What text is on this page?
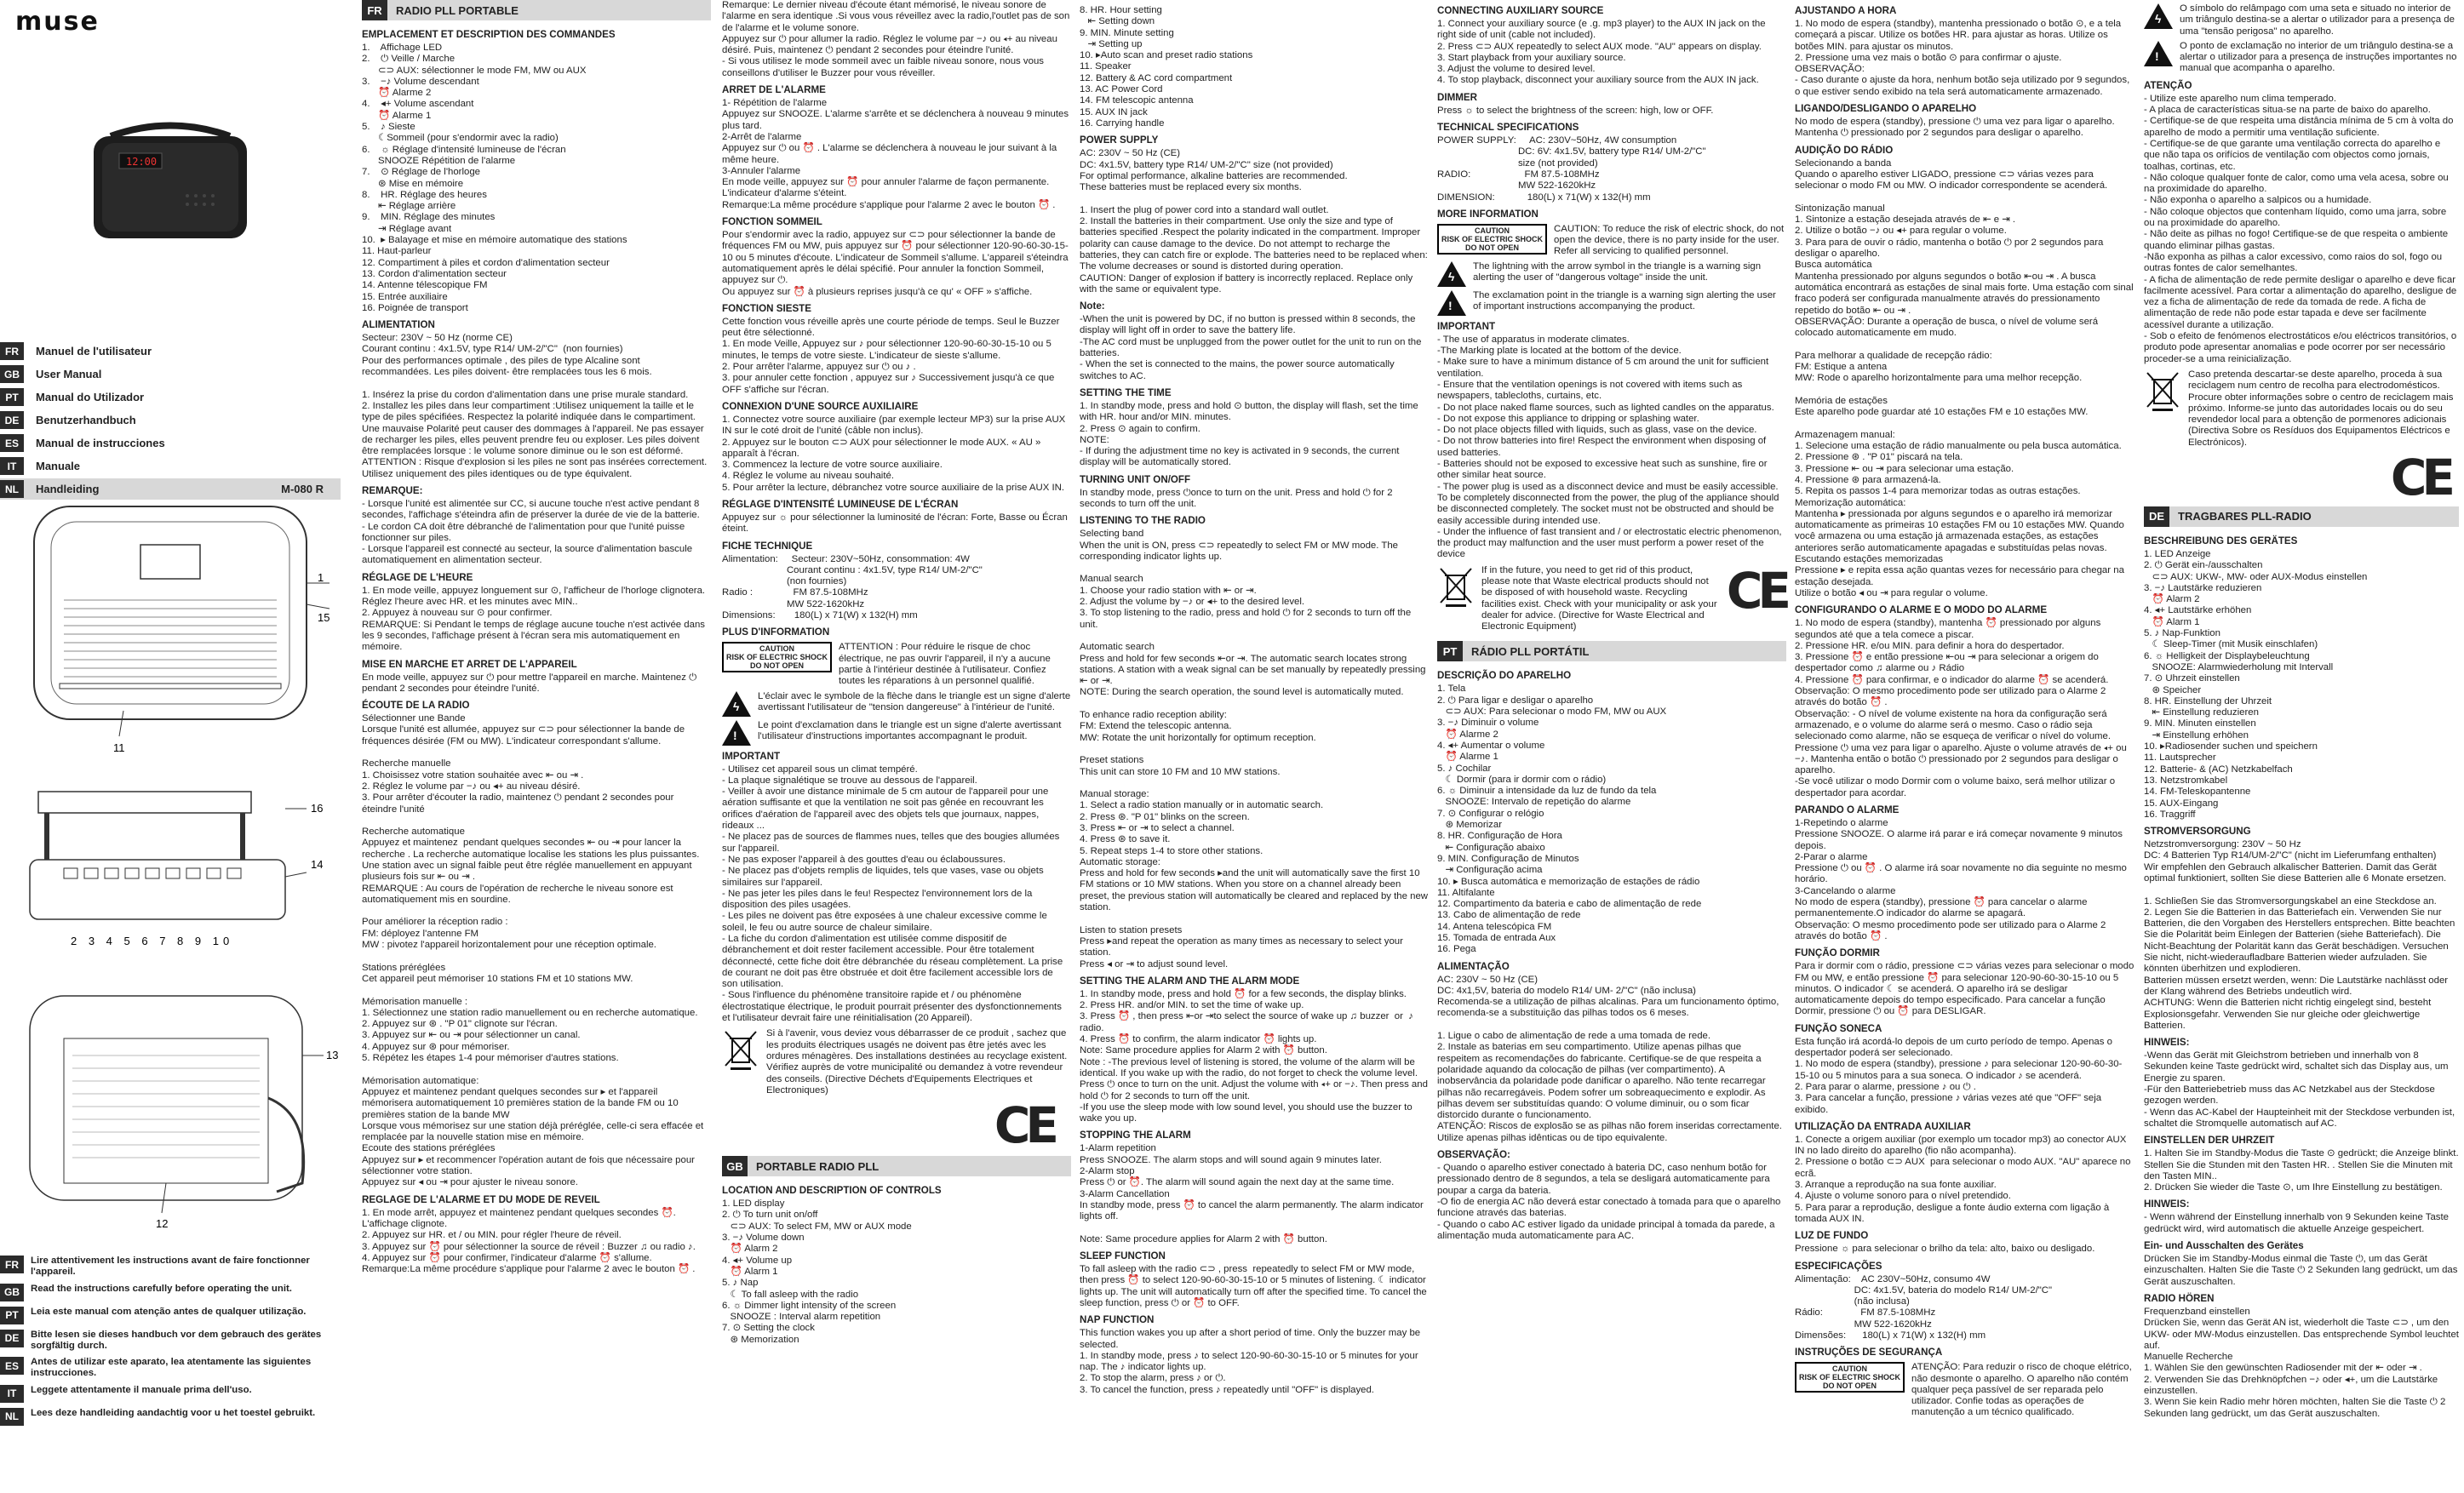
muse
12:00
FR	Manuel de l'utilisateur
GB	User Manual
PT	Manual do Utilizador
DE	Benutzerhandbuch
ES	Manual de instrucciones
IT	Manuale
NL	Handleiding	M-080 R
1
15
11
16
14
2 3 4 5 6 7 8 9 10
13
12
FR	Lire attentivement les instructions avant de faire fonctionner l'appareil.
GB	Read the instructions carefully before operating the unit.
PT	Leia este manual com atenção antes de qualquer utilização.
DE	Bitte lesen sie dieses handbuch vor dem gebrauch des gerätes sorgfältig durch.
ES	Antes de utilizar este aparato, lea atentamente las siguientes instrucciones.
IT	Leggete attentamente il manuale prima dell'uso.
NL	Lees deze handleiding aandachtig voor u het toestel gebruikt.
FR	RADIO PLL PORTABLE
EMPLACEMENT ET DESCRIPTION DES COMMANDES
1.    Affichage LED
2.    ⏻ Veille / Marche
⊂⊃ AUX: sélectionner le mode FM, MW ou AUX
3.    −♪ Volume descendant
⏰ Alarme 2
4.    ◂+ Volume ascendant
⏰ Alarme 1
5.    ♪ Sieste
☾Sommeil (pour s'endormir avec la radio)
6.    ☼ Réglage d'intensité lumineuse de l'écran
SNOOZE Répétition de l'alarme
7.    ⊙ Réglage de l'horloge
⊛ Mise en mémoire
8.    HR. Réglage des heures
⇤ Réglage arrière
9.    MIN. Réglage des minutes
⇥ Réglage avant
10.  ▸ Balayage et mise en mémoire automatique des stations
11. Haut-parleur
12. Compartiment à piles et cordon d'alimentation secteur
13. Cordon d'alimentation secteur
14. Antenne télescopique FM
15. Entrée auxiliaire
16. Poignée de transport
ALIMENTATION
Secteur: 230V ~ 50 Hz (norme CE)
Courant continu : 4x1.5V, type R14/ UM-2/"C"  (non fournies)
Pour des performances optimale , des piles de type Alcaline sont recommandées. Les piles doivent- être remplacées tous les 6 mois.

1. Insérez la prise du cordon d'alimentation dans une prise murale standard.
2. Installez les piles dans leur compartiment :Utilisez uniquement la taille et le type de piles spécifiées. Respectez la polarité indiquée dans le compartiment. Une mauvaise Polarité peut causer des dommages à l'appareil. Ne pas essayer de recharger les piles, elles peuvent prendre feu ou exploser. Les piles doivent être remplacées lorsque : le volume sonore diminue ou le son est déformé.
ATTENTION : Risque d'explosion si les piles ne sont pas insérées correctement. Utilisez uniquement des piles identiques ou de type équivalent.
REMARQUE:
- Lorsque l'unité est alimentée sur CC, si aucune touche n'est active pendant 8 secondes, l'affichage s'éteindra afin de préserver la durée de vie de la batterie.
- Le cordon CA doit être débranché de l'alimentation pour que l'unité puisse fonctionner sur piles.
- Lorsque l'appareil est connecté au secteur, la source d'alimentation bascule automatiquement en alimentation secteur.
RÉGLAGE DE L'HEURE
1. En mode veille, appuyez longuement sur ⊙, l'afficheur de l'horloge clignotera. Réglez l'heure avec HR. et les minutes avec MIN..
2. Appuyez à nouveau sur ⊙ pour confirmer.
REMARQUE: Si Pendant le temps de réglage aucune touche n'est activée dans les 9 secondes, l'affichage présent à l'écran sera mis automatiquement en mémoire.
MISE EN MARCHE ET ARRET DE L'APPAREIL
En mode veille, appuyez sur ⏻ pour mettre l'appareil en marche. Maintenez ⏻ pendant 2 secondes pour éteindre l'unité.
ÉCOUTE DE LA RADIO
Sélectionner une Bande
Lorsque l'unité est allumée, appuyez sur ⊂⊃ pour sélectionner la bande de fréquences désirée (FM ou MW). L'indicateur correspondant s'allume.

Recherche manuelle
1. Choisissez votre station souhaitée avec ⇤ ou ⇥ .
2. Réglez le volume par −♪ ou ◂+ au niveau désiré.
3. Pour arrêter d'écouter la radio, maintenez ⏻ pendant 2 secondes pour éteindre l'unité

Recherche automatique
Appuyez et maintenez  pendant quelques secondes ⇤ ou ⇥ pour lancer la recherche . La recherche automatique localise les stations les plus puissantes. Une station avec un signal faible peut être réglée manuellement en appuyant plusieurs fois sur ⇤ ou ⇥ .
REMARQUE : Au cours de l'opération de recherche le niveau sonore est automatiquement mis en sourdine.

Pour améliorer la réception radio :
FM: déployez l'antenne FM
MW : pivotez l'appareil horizontalement pour une réception optimale.

Stations préréglées
Cet appareil peut mémoriser 10 stations FM et 10 stations MW.

Mémorisation manuelle :
1. Sélectionnez une station radio manuellement ou en recherche automatique.
2. Appuyez sur ⊛ . "P 01" clignote sur l'écran.
3. Appuyez sur ⇤ ou ⇥ pour sélectionner un canal.
4. Appuyez sur ⊛ pour mémoriser.
5. Répétez les étapes 1-4 pour mémoriser d'autres stations.

Mémorisation automatique:
Appuyez et maintenez pendant quelques secondes sur ▸ et l'appareil mémorisera automatiquement 10 premières station de la bande FM ou 10 premières station de la bande MW
Lorsque vous mémorisez sur une station déjà préréglée, celle-ci sera effacée et remplacée par la nouvelle station mise en mémoire.
Ecoute des stations préréglées
Appuyez sur ▸ et recommencer l'opération autant de fois que nécessaire pour sélectionner votre station.
Appuyez sur ◂ ou ⇥ pour ajuster le niveau sonore.
REGLAGE DE L'ALARME ET DU MODE DE REVEIL
1. En mode arrêt, appuyez et maintenez pendant quelques secondes ⏰. L'affichage clignote.
2. Appuyez sur HR. et / ou MIN. pour régler l'heure de réveil.
3. Appuyez sur ⏰ pour sélectionner la source de réveil : Buzzer ♫ ou radio ♪.
4. Appuyez sur ⏰ pour confirmer, l'indicateur d'alarme ⏰ s'allume.
Remarque:La même procédure s'applique pour l'alarme 2 avec le bouton ⏰ .
Remarque: Le dernier niveau d'écoute étant mémorisé, le niveau sonore de l'alarme en sera identique .Si vous vous réveillez avec la radio,l'outlet pas de son de l'alarme et le volume sonore.
Appuyez sur ⏻ pour allumer la radio. Réglez le volume par −♪ ou ◂+ au niveau désiré. Puis, maintenez ⏻ pendant 2 secondes pour éteindre l'unité.
- Si vous utilisez le mode sommeil avec un faible niveau sonore, nous vous conseillons d'utiliser le Buzzer pour vous réveiller.
ARRET DE L'ALARME
1- Répétition de l'alarme
Appuyez sur SNOOZE. L'alarme s'arrête et se déclenchera à nouveau 9 minutes plus tard.
2-Arrêt de l'alarme
Appuyez sur ⏻ ou ⏰ . L'alarme se déclenchera à nouveau le jour suivant à la même heure.
3-Annuler l'alarme
En mode veille, appuyez sur ⏰ pour annuler l'alarme de façon permanente. L'indicateur d'alarme s'éteint.
Remarque:La même procédure s'applique pour l'alarme 2 avec le bouton ⏰ .
FONCTION SOMMEIL
Pour s'endormir avec la radio, appuyez sur ⊂⊃ pour sélectionner la bande de fréquences FM ou MW, puis appuyez sur ⏰ pour sélectionner 120-90-60-30-15-10 ou 5 minutes d'écoute. L'indicateur de Sommeil s'allume. L'appareil s'éteindra automatiquement après le délai spécifié. Pour annuler la fonction Sommeil, appuyez sur ⏻.
Ou appuyez sur ⏰ à plusieurs reprises jusqu'à ce qu' « OFF » s'affiche.
FONCTION SIESTE
Cette fonction vous réveille après une courte période de temps. Seul le Buzzer peut être sélectionné.
1. En mode Veille, Appuyez sur ♪ pour sélectionner 120-90-60-30-15-10 ou 5 minutes, le temps de votre sieste. L'indicateur de sieste s'allume.
2. Pour arrêter l'alarme, appuyez sur ⏻ ou ♪ .
3. pour annuler cette fonction , appuyez sur ♪ Successivement jusqu'à ce que OFF s'affiche sur l'écran.
CONNEXION D'UNE SOURCE AUXILIAIRE
1. Connectez votre source auxiliaire (par exemple lecteur MP3) sur la prise AUX IN sur le coté droit de l'unité (câble non inclus).
2. Appuyez sur le bouton ⊂⊃ AUX pour sélectionner le mode AUX. « AU » apparaît à l'écran.
3. Commencez la lecture de votre source auxiliaire.
4. Réglez le volume au niveau souhaité.
5. Pour arrêter la lecture, débranchez votre source auxiliaire de la prise AUX IN.
RÉGLAGE D'INTENSITÉ LUMINEUSE DE L'ÉCRAN
Appuyez sur ☼ pour sélectionner la luminosité de l'écran: Forte, Basse ou Écran éteint.
FICHE TECHNIQUE
Alimentation:     Secteur: 230V~50Hz, consommation: 4W
Courant continu : 4x1.5V, type R14/ UM-2/"C"
(non fournies)
Radio :               FM 87.5-108MHz
MW 522-1620kHz
Dimensions:       180(L) x 71(W) x 132(H) mm
PLUS D'INFORMATION
CAUTION
RISK OF ELECTRIC SHOCK
DO NOT OPEN
ATTENTION : Pour réduire le risque de choc électrique, ne pas ouvrir l'appareil, il n'y a aucune partie à l'intérieur destinée à l'utilisateur. Confiez toutes les réparations à un personnel qualifié.
ϟ
L'éclair avec le symbole de la flèche dans le triangle est un signe d'alerte avertissant l'utilisateur de "tension dangereuse" à l'intérieur de l'unité.
!
Le point d'exclamation dans le triangle est un signe d'alerte avertissant l'utilisateur d'instructions importantes accompagnant le produit.
IMPORTANT
- Utilisez cet appareil sous un climat tempéré.
- La plaque signalétique se trouve au dessous de l'appareil.
- Veiller à avoir une distance minimale de 5 cm autour de l'appareil pour une aération suffisante et que la ventilation ne soit pas gênée en recouvrant les orifices d'aération de l'appareil avec des objets tels que journaux, nappes, rideaux ...
- Ne placez pas de sources de flammes nues, telles que des bougies allumées sur l'appareil.
- Ne pas exposer l'appareil à des gouttes d'eau ou éclaboussures.
- Ne placez pas d'objets remplis de liquides, tels que vases, vase ou objets similaires sur l'appareil.
- Ne pas jeter les piles dans le feu! Respectez l'environnement lors de la disposition des piles usagées.
- Les piles ne doivent pas être exposées à une chaleur excessive comme le soleil, le feu ou autre source de chaleur similaire.
- La fiche du cordon d'alimentation est utilisée comme dispositif de débranchement et doit rester facilement accessible. Pour être totalement déconnecté, cette fiche doit être débranchée du réseau complètement. La prise de courant ne doit pas être obstruée et doit être facilement accessible lors de son utilisation.
- Sous l'influence du phénomène transitoire rapide et / ou phénomène électrostatique électrique, le produit pourrait présenter des dysfonctionnements et l'utilisateur devrait faire une réinitialisation (20 Appareil).
Si à l'avenir, vous deviez vous débarrasser de ce produit , sachez que les produits électriques usagés ne doivent pas être jetés avec les ordures ménagères. Des installations destinées au recyclage existent. Vérifiez auprès de votre municipalité ou demandez à votre revendeur des conseils. (Directive Déchets d'Equipements Electriques et Electroniques)
CE
GB	PORTABLE RADIO PLL
LOCATION AND DESCRIPTION OF CONTROLS
1. LED display
2. ⏻ To turn unit on/off
⊂⊃ AUX: To select FM, MW or AUX mode
3. −♪ Volume down
⏰ Alarm 2
4. ◂+ Volume up
⏰ Alarm 1
5. ♪ Nap
☾ To fall asleep with the radio
6. ☼ Dimmer light intensity of the screen
SNOOZE : Interval alarm repetition
7. ⊙ Setting the clock
⊛ Memorization
8. HR. Hour setting
⇤ Setting down
9. MIN. Minute setting
⇥ Setting up
10. ▸Auto scan and preset radio stations
11. Speaker
12. Battery & AC cord compartment
13. AC Power Cord
14. FM telescopic antenna
15. AUX IN jack
16. Carrying handle
POWER SUPPLY
AC: 230V ~ 50 Hz (CE)
DC: 4x1.5V, battery type R14/ UM-2/"C" size (not provided)
For optimal performance, alkaline batteries are recommended.
These batteries must be replaced every six months.

1. Insert the plug of power cord into a standard wall outlet.
2. Install the batteries in their compartment. Use only the size and type of batteries specified .Respect the polarity indicated in the compartment. Improper polarity can cause damage to the device. Do not attempt to recharge the batteries, they can catch fire or explode. The batteries need to be replaced when: The volume decreases or sound is distorted during operation.
CAUTION: Danger of explosion if battery is incorrectly replaced. Replace only with the same or equivalent type.
Note:
-When the unit is powered by DC, if no button is pressed within 8 seconds, the display will light off in order to save the battery life.
-The AC cord must be unplugged from the power outlet for the unit to run on the batteries.
- When the set is connected to the mains, the power source automatically switches to AC.
SETTING THE TIME
1. In standby mode, press and hold ⊙ button, the display will flash, set the time with HR. hour and/or MIN. minutes.
2. Press ⊙ again to confirm.
NOTE:
- If during the adjustment time no key is activated in 9 seconds, the current display will be automatically stored.
TURNING UNIT ON/OFF
In standby mode, press ⏻once to turn on the unit. Press and hold ⏻ for 2 seconds to turn off the unit.
LISTENING TO THE RADIO
Selecting band
When the unit is ON, press ⊂⊃ repeatedly to select FM or MW mode. The corresponding indicator lights up.

Manual search
1. Choose your radio station with ⇤ or ⇥.
2. Adjust the volume by −♪ or ◂+ to the desired level.
3. To stop listening to the radio, press and hold ⏻ for 2 seconds to turn off the unit.

Automatic search
Press and hold for few seconds ⇤or ⇥. The automatic search locates strong stations. A station with a weak signal can be set manually by repeatedly pressing ⇤ or ⇥.
NOTE: During the search operation, the sound level is automatically muted.

To enhance radio reception ability:
FM: Extend the telescopic antenna.
MW: Rotate the unit horizontally for optimum reception.

Preset stations
This unit can store 10 FM and 10 MW stations.

Manual storage:
1. Select a radio station manually or in automatic search.
2. Press ⊛. "P 01" blinks on the screen.
3. Press ⇤ or ⇥ to select a channel.
4. Press ⊛ to save it.
5. Repeat steps 1-4 to store other stations.
Automatic storage:
Press and hold for few seconds ▸and the unit will automatically save the first 10 FM stations or 10 MW stations. When you store on a channel already been preset, the previous station will automatically be cleared and replaced by the new station.

Listen to station presets
Press ▸and repeat the operation as many times as necessary to select your station.
Press ◂ or ⇥ to adjust sound level.
SETTING THE ALARM AND THE ALARM MODE
1. In standby mode, press and hold ⏰ for a few seconds, the display blinks.
2. Press HR. and/or MIN. to set the time of wake up.
3. Press ⏰ , then press ⇤or ⇥to select the source of wake up ♫ buzzer  or  ♪ radio.
4. Press ⏰ to confirm, the alarm indicator ⏰ lights up.
Note: Same procedure applies for Alarm 2 with ⏰ button.
Note : -The previous level of listening is stored, the volume of the alarm will be identical. If you wake up with the radio, do not forget to check the volume level.
Press ⏻ once to turn on the unit. Adjust the volume with ◂+ or −♪. Then press and hold ⏻ for 2 seconds to turn off the unit.
-If you use the sleep mode with low sound level, you should use the buzzer to wake you up.
STOPPING THE ALARM
1-Alarm repetition
Press SNOOZE. The alarm stops and will sound again 9 minutes later.
2-Alarm stop
Press ⏻ or ⏰. The alarm will sound again the next day at the same time.
3-Alarm Cancellation
In standby mode, press ⏰ to cancel the alarm permanently. The alarm indicator lights off.

Note: Same procedure applies for Alarm 2 with ⏰ button.
SLEEP FUNCTION
To fall asleep with the radio ⊂⊃ , press  repeatedly to select FM or MW mode, then press ⏰ to select 120-90-60-30-15-10 or 5 minutes of listening. ☾ indicator lights up. The unit will automatically turn off after the specified time. To cancel the sleep function, press ⏻ or ⏰ to OFF.
NAP FUNCTION
This function wakes you up after a short period of time. Only the buzzer may be selected.
1. In standby mode, press ♪ to select 120-90-60-30-15-10 or 5 minutes for your nap. The ♪ indicator lights up.
2. To stop the alarm, press ♪ or ⏻.
3. To cancel the function, press ♪ repeatedly until "OFF" is displayed.
CONNECTING AUXILIARY SOURCE
1. Connect your auxiliary source (e .g. mp3 player) to the AUX IN jack on the right side of unit (cable not included).
2. Press ⊂⊃ AUX repeatedly to select AUX mode. "AU" appears on display.
3. Start playback from your auxiliary source.
3. Adjust the volume to desired level.
4. To stop playback, disconnect your auxiliary source from the AUX IN jack.
DIMMER
Press ☼ to select the brightness of the screen: high, low or OFF.
TECHNICAL SPECIFICATIONS
POWER SUPPLY:     AC: 230V~50Hz, 4W consumption
DC: 6V: 4x1.5V, battery type R14/ UM-2/"C"
size (not provided)
RADIO:                    FM 87.5-108MHz
MW 522-1620kHz
DIMENSION:            180(L) x 71(W) x 132(H) mm
MORE INFORMATION
CAUTION
RISK OF ELECTRIC SHOCK
DO NOT OPEN
CAUTION: To reduce the risk of electric shock, do not open the device, there is no party inside for the user. Refer all servicing to qualified personnel.
ϟ
The lightning with the arrow symbol in the triangle is a warning sign alerting the user of "dangerous voltage" inside the unit.
!
The exclamation point in the triangle is a warning sign alerting the user of important instructions accompanying the product.
IMPORTANT
- The use of apparatus in moderate climates.
-The Marking plate is located at the bottom of the device.
- Make sure to have a minimum distance of 5 cm around the unit for sufficient ventilation.
- Ensure that the ventilation openings is not covered with items such as newspapers, tablecloths, curtains, etc.
- Do not place naked flame sources, such as lighted candles on the apparatus.
- Do not expose this appliance to dripping or splashing water.
- Do not place objects filled with liquids, such as glass, vase on the device.
- Do not throw batteries into fire! Respect the environment when disposing of used batteries.
- Batteries should not be exposed to excessive heat such as sunshine, fire or other similar heat source.
- The power plug is used as a disconnect device and must be easily accessible. To be completely disconnected from the power, the plug of the appliance should be disconnected completely. The socket must not be obstructed and should be easily accessible during intended use.
- Under the influence of fast transient and / or electrostatic electric phenomenon, the product may malfunction and the user must perform a power reset of the device
If in the future, you need to get rid of this product, please note that Waste electrical products should not be disposed of with household waste. Recycling facilities exist. Check with your municipality or ask your dealer for advice. (Directive for Waste Electrical and Electronic Equipment)
CE
PT	RÁDIO PLL PORTÁTIL
DESCRIÇÃO DO APARELHO
1. Tela
2. ⏻ Para ligar e desligar o aparelho
⊂⊃ AUX: Para selecionar o modo FM, MW ou AUX
3. −♪ Diminuir o volume
⏰ Alarme 2
4. ◂+ Aumentar o volume
⏰ Alarme 1
5. ♪ Cochilar
☾ Dormir (para ir dormir com o rádio)
6. ☼ Diminuir a intensidade da luz de fundo da tela
SNOOZE: Intervalo de repetição do alarme
7. ⊙ Configurar o relógio
⊛ Memorizar
8. HR. Configuração de Hora
⇤ Configuração abaixo
9. MIN. Configuração de Minutos
⇥ Configuração acima
10. ▸ Busca automática e memorização de estações de rádio
11. Altifalante
12. Compartimento da bateria e cabo de alimentação de rede
13. Cabo de alimentação de rede
14. Antena telescópica FM
15. Tomada de entrada Aux
16. Pega
ALIMENTAÇÃO
AC: 230V ~ 50 Hz (CE)
DC: 4x1,5V, bateria do modelo R14/ UM- 2/"C" (não inclusa)
Recomenda-se a utilização de pilhas alcalinas. Para um funcionamento óptimo, recomenda-se a substituição das pilhas todos os 6 meses.

1. Ligue o cabo de alimentação de rede a uma tomada de rede.
2. Instale as baterias em seu compartimento. Utilize apenas pilhas que respeitem as recomendações do fabricante. Certifique-se de que respeita a polaridade aquando da colocação de pilhas (ver compartimento). A inobservância da polaridade pode danificar o aparelho. Não tente recarregar pilhas não recarregáveis. Podem sofrer um sobreaquecimento e explodir. As pilhas devem ser substituídas quando: O volume diminuir, ou o som ficar distorcido durante o funcionamento.
ATENÇÃO: Riscos de explosão se as pilhas não forem inseridas correctamente. Utilize apenas pilhas idênticas ou de tipo equivalente.
OBSERVAÇÃO:
- Quando o aparelho estiver conectado à bateria DC, caso nenhum botão for pressionado dentro de 8 segundos, a tela se desligará automaticamente para poupar a carga da bateria.
-O fio de energia AC não deverá estar conectado à tomada para que o aparelho funcione através das baterias.
- Quando o cabo AC estiver ligado da unidade principal à tomada da parede, a alimentação muda automaticamente para AC.
AJUSTANDO A HORA
1. No modo de espera (standby), mantenha pressionado o botão ⊙, e a tela começará a piscar. Utilize os botões HR. para ajustar as horas. Utilize os botões MIN. para ajustar os minutos.
2. Pressione uma vez mais o botão ⊙ para confirmar o ajuste.
OBSERVAÇÃO:
- Caso durante o ajuste da hora, nenhum botão seja utilizado por 9 segundos, o que estiver sendo exibido na tela será automaticamente armazenado.
LIGANDO/DESLIGANDO O APARELHO
No modo de espera (standby), pressione ⏻ uma vez para ligar o aparelho. Mantenha ⏻ pressionado por 2 segundos para desligar o aparelho.
AUDIÇÃO DO RÁDIO
Selecionando a banda
Quando o aparelho estiver LIGADO, pressione ⊂⊃ várias vezes para selecionar o modo FM ou MW. O indicador correspondente se acenderá.

Sintonização manual
1. Sintonize a estação desejada através de ⇤ e ⇥ .
2. Utilize o botão −♪ ou ◂+ para regular o volume.
3. Para para de ouvir o rádio, mantenha o botão ⏻ por 2 segundos para desligar o aparelho.
Busca automática
Mantenha pressionado por alguns segundos o botão ⇤ou ⇥ . A busca automática encontrará as estações de sinal mais forte. Uma estação com sinal fraco poderá ser configurada manualmente através do pressionamento repetido do botão ⇤ ou ⇥ .
OBSERVAÇÃO: Durante a operação de busca, o nível de volume será colocado automaticamente em mudo.

Para melhorar a qualidade de recepção rádio:
FM: Estique a antena
MW: Rode o aparelho horizontalmente para uma melhor recepção.

Memória de estações
Este aparelho pode guardar até 10 estações FM e 10 estações MW.

Armazenagem manual:
1. Selecione uma estação de rádio manualmente ou pela busca automática.
2. Pressione ⊛ . "P 01" piscará na tela.
3. Pressione ⇤ ou ⇥ para selecionar uma estação.
4. Pressione ⊛ para armazená-la.
5. Repita os passos 1-4 para memorizar todas as outras estações.
Memorização automática:
Mantenha ▸ pressionada por alguns segundos e o aparelho irá memorizar automaticamente as primeiras 10 estações FM ou 10 estações MW. Quando você armazena ou uma estação já armazenada estações, as estações anteriores serão automaticamente apagadas e substituídas pelas novas.
Escutando estações memorizadas
Pressione ▸ e repita essa ação quantas vezes for necessário para chegar na estação desejada.
Utilize o botão ◂ ou ⇥ para regular o volume.
CONFIGURANDO O ALARME E O MODO DO ALARME
1. No modo de espera (standby), mantenha ⏰ pressionado por alguns segundos até que a tela comece a piscar.
2. Pressione HR. e/ou MIN. para definir a hora do despertador.
3. Pressione ⏰ e então pressione ⇤ou ⇥ para selecionar a origem do despertador como ♫ alarme ou ♪ Rádio
4. Pressione ⏰ para confirmar, e o indicador do alarme ⏰ se acenderá.
Observação: O mesmo procedimento pode ser utilizado para o Alarme 2 através do botão ⏰ .
Observação: - O nível de volume existente na hora da configuração será armazenado, e o volume do alarme será o mesmo. Caso o rádio seja selecionado como alarme, não se esqueça de verificar o nível do volume.
Pressione ⏻ uma vez para ligar o aparelho. Ajuste o volume através de ◂+ ou −♪. Mantenha então o botão ⏻ pressionado por 2 segundos para desligar o aparelho.
-Se você utilizar o modo Dormir com o volume baixo, será melhor utilizar o despertador para acordar.
PARANDO O ALARME
1-Repetindo o alarme
Pressione SNOOZE. O alarme irá parar e irá começar novamente 9 minutos depois.
2-Parar o alarme
Pressione ⏻ ou ⏰ . O alarme irá soar novamente no dia seguinte no mesmo horário.
3-Cancelando o alarme
No modo de espera (standby), pressione ⏰ para cancelar o alarme permanentemente.O indicador do alarme se apagará.
Observação: O mesmo procedimento pode ser utilizado para o Alarme 2 através do botão ⏰ .
FUNÇÃO DORMIR
Para ir dormir com o rádio, pressione ⊂⊃ várias vezes para selecionar o modo FM ou MW, e então pressione ⏰ para selecionar 120-90-60-30-15-10 ou 5 minutos. O indicador ☾ se acenderá. O aparelho irá se desligar automaticamente depois do tempo especificado. Para cancelar a função Dormir, pressione ⏻ ou ⏰ para DESLIGAR.
FUNÇÃO SONECA
Esta função irá acordá-lo depois de um curto período de tempo. Apenas o despertador poderá ser selecionado.
1. No modo de espera (standby), pressione ♪ para selecionar 120-90-60-30-15-10 ou 5 minutos para a sua soneca. O indicador ♪ se acenderá.
2. Para parar o alarme, pressione ♪ ou ⏻ .
3. Para cancelar a função, pressione ♪ várias vezes até que "OFF" seja exibido.
UTILIZAÇÃO DA ENTRADA AUXILIAR
1. Conecte a origem auxiliar (por exemplo um tocador mp3) ao conector AUX IN no lado direito do aparelho (fio não acompanha).
2. Pressione o botão ⊂⊃ AUX  para selecionar o modo AUX. "AU" aparece no ecrã.
3. Arranque a reprodução na sua fonte auxiliar.
4. Ajuste o volume sonoro para o nível pretendido.
5. Para parar a reprodução, desligue a fonte áudio externa com ligação à tomada AUX IN.
LUZ DE FUNDO
Pressione ☼ para selecionar o brilho da tela: alto, baixo ou desligado.
ESPECIFICAÇÕES
Alimentação:    AC 230V~50Hz, consumo 4W
DC: 4x1.5V, bateria do modelo R14/ UM-2/"C"
(não inclusa)
Rádio:              FM 87.5-108MHz
MW 522-1620kHz
Dimensões:      180(L) x 71(W) x 132(H) mm
INSTRUÇÕES DE SEGURANÇA
CAUTION
RISK OF ELECTRIC SHOCK
DO NOT OPEN
ATENÇÃO: Para reduzir o risco de choque elétrico, não desmonte o aparelho. O aparelho não contém qualquer peça passível de ser reparada pelo utilizador. Confie todas as operações de manutenção a um técnico qualificado.
ϟ
O símbolo do relâmpago com uma seta e situado no interior de um triângulo destina-se a alertar o utilizador para a presença de uma "tensão perigosa" no aparelho.
!
O ponto de exclamação no interior de um triângulo destina-se a alertar o utilizador para a presença de instruções importantes no manual que acompanha o aparelho.
ATENÇÃO
- Utilize este aparelho num clima temperado.
- A placa de características situa-se na parte de baixo do aparelho.
- Certifique-se de que respeita uma distância mínima de 5 cm à volta do aparelho de modo a permitir uma ventilação suficiente.
- Certifique-se de que garante uma ventilação correcta do aparelho e que não tapa os orifícios de ventilação com objectos como jornais, toalhas, cortinas, etc.
- Não coloque qualquer fonte de calor, como uma vela acesa, sobre ou na proximidade do aparelho.
- Não exponha o aparelho a salpicos ou a humidade.
- Não coloque objectos que contenham líquido, como uma jarra, sobre ou na proximidade do aparelho.
- Não deite as pilhas no fogo! Certifique-se de que respeita o ambiente quando eliminar pilhas gastas.
-Não exponha as pilhas a calor excessivo, como raios do sol, fogo ou outras fontes de calor semelhantes.
- A ficha de alimentação de rede permite desligar o aparelho e deve ficar facilmente acessível. Para cortar a alimentação do aparelho, desligue de vez a ficha de alimentação de rede da tomada de rede. A ficha de alimentação de rede não pode estar tapada e deve ser facilmente acessível durante a utilização.
- Sob o efeito de fenómenos electrostáticos e/ou eléctricos transitórios, o produto pode apresentar anomalias e pode ocorrer por ser necessário proceder-se a uma reinicialização.
Caso pretenda descartar-se deste aparelho, proceda à sua reciclagem num centro de recolha para electrodomésticos. Procure obter informações sobre o centro de reciclagem mais próximo. Informe-se junto das autoridades locais ou do seu revendedor local para a obtenção de pormenores adicionais (Directiva Sobre os Resíduos dos Equipamentos Eléctricos e Electrónicos).
CE
DE	TRAGBARES PLL-RADIO
BESCHREIBUNG DES GERÄTES
1. LED Anzeige
2. ⏻ Gerät ein-/ausschalten
⊂⊃ AUX: UKW-, MW- oder AUX-Modus einstellen
3. −♪ Lautstärke reduzieren
⏰ Alarm 2
4. ◂+ Lautstärke erhöhen
⏰ Alarm 1
5. ♪ Nap-Funktion
☾ Sleep-Timer (mit Musik einschlafen)
6. ☼ Helligkeit der Displaybeleuchtung
SNOOZE: Alarmwiederholung mit Intervall
7. ⊙ Uhrzeit einstellen
⊛ Speicher
8. HR. Einstellung der Uhrzeit
⇤ Einstellung reduzieren
9. MIN. Minuten einstellen
⇥ Einstellung erhöhen
10. ▸Radiosender suchen und speichern
11. Lautsprecher
12. Batterie- & (AC) Netzkabelfach
13. Netzstromkabel
14. FM-Teleskopantenne
15. AUX-Eingang
16. Traggriff
STROMVERSORGUNG
Netzstromversorgung: 230V ~ 50 Hz
DC: 4 Batterien Typ R14/UM-2/"C" (nicht im Lieferumfang enthalten)
Wir empfehlen den Gebrauch alkalischer Batterien. Damit das Gerät optimal funktioniert, sollten Sie diese Batterien alle 6 Monate ersetzen.

1. Schließen Sie das Stromversorgungskabel an eine Steckdose an.
2. Legen Sie die Batterien in das Batteriefach ein. Verwenden Sie nur Batterien, die den Vorgaben des Herstellers entsprechen. Bitte beachten Sie die Polarität beim Einlegen der Batterien (siehe Batteriefach). Die Nicht-Beachtung der Polarität kann das Gerät beschädigen. Versuchen Sie nicht, nicht-wiederaufladbare Batterien wieder aufzuladen. Sie könnten überhitzen und explodieren.
Batterien müssen ersetzt werden, wenn: Die Lautstärke nachlässt oder der Klang während des Betriebs undeutlich wird.
ACHTUNG: Wenn die Batterien nicht richtig eingelegt sind, besteht Explosionsgefahr. Verwenden Sie nur gleiche oder gleichwertige Batterien.
HINWEIS:
-Wenn das Gerät mit Gleichstrom betrieben und innerhalb von 8 Sekunden keine Taste gedrückt wird, schaltet sich das Display aus, um Energie zu sparen.
-Für den Batteriebetrieb muss das AC Netzkabel aus der Steckdose gezogen werden.
- Wenn das AC-Kabel der Haupteinheit mit der Steckdose verbunden ist, schaltet die Stromquelle automatisch auf AC.
EINSTELLEN DER UHRZEIT
1. Halten Sie im Standby-Modus die Taste ⊙ gedrückt; die Anzeige blinkt. Stellen Sie die Stunden mit den Tasten HR. . Stellen Sie die Minuten mit den Tasten MIN..
2. Drücken Sie wieder die Taste ⊙, um Ihre Einstellung zu bestätigen.
HINWEIS:
- Wenn während der Einstellung innerhalb von 9 Sekunden keine Taste gedrückt wird, wird automatisch die aktuelle Anzeige gespeichert.
Ein- und Ausschalten des Gerätes
Drücken Sie im Standby-Modus einmal die Taste ⏻, um das Gerät einzuschalten. Halten Sie die Taste ⏻ 2 Sekunden lang gedrückt, um das Gerät auszuschalten.
RADIO HÖREN
Frequenzband einstellen
Drücken Sie, wenn das Gerät AN ist, wiederholt die Taste ⊂⊃ , um den UKW- oder MW-Modus einzustellen. Das entsprechende Symbol leuchtet auf.
Manuelle Recherche
1. Wählen Sie den gewünschten Radiosender mit der ⇤ oder ⇥ .
2. Verwenden Sie das Drehknöpfchen −♪ oder ◂+, um die Lautstärke einzustellen.
3. Wenn Sie kein Radio mehr hören möchten, halten Sie die Taste ⏻ 2 Sekunden lang gedrückt, um das Gerät auszuschalten.
